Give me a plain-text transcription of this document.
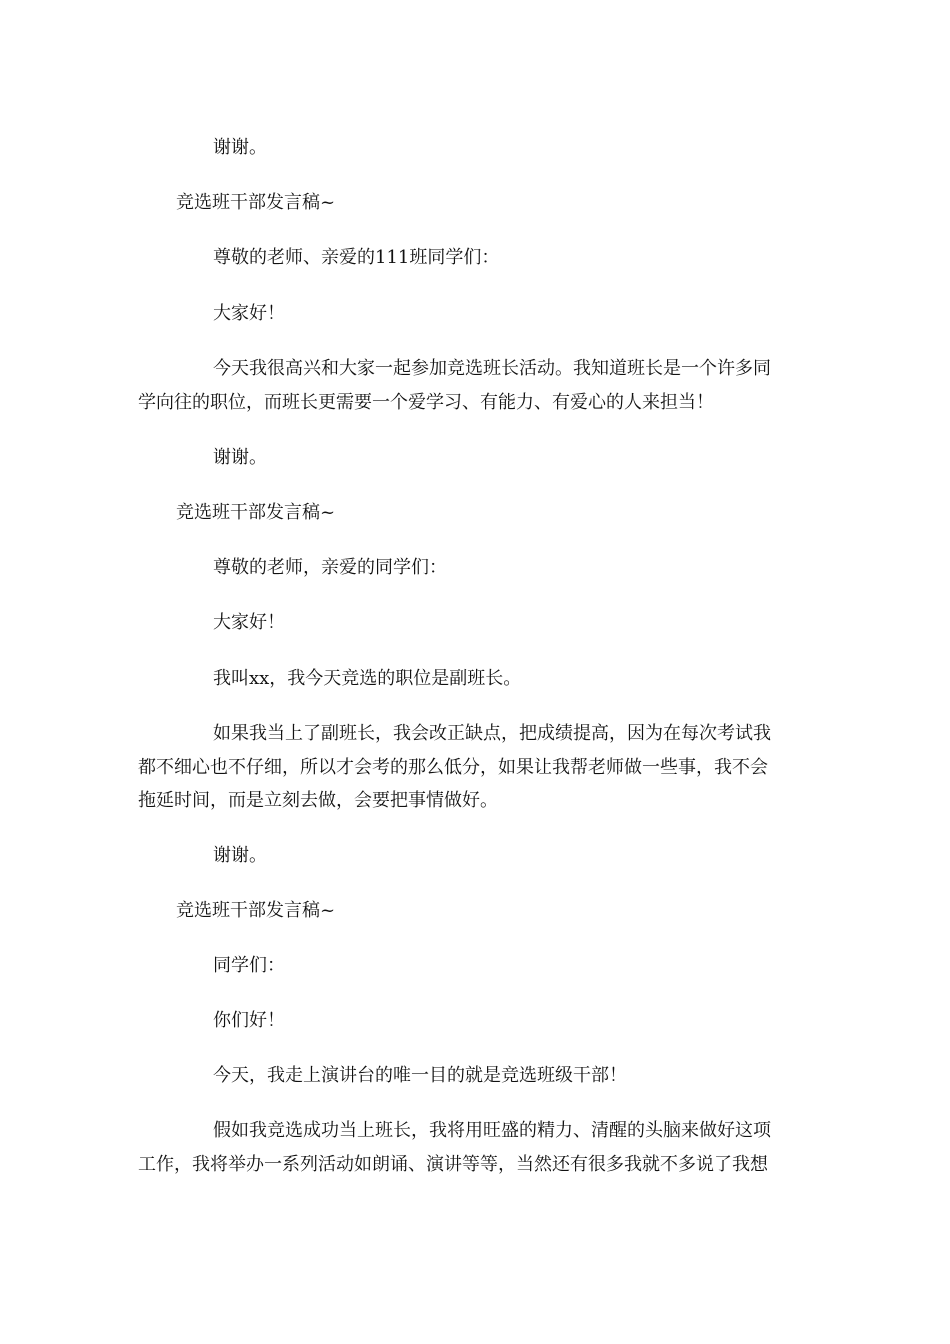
谢谢。

竞选班干部发言稿~

尊敬的老师、亲爱的111班同学们：

大家好！

今天我很高兴和大家一起参加竞选班长活动。我知道班长是一个许多同

学向往的职位，而班长更需要一个爱学习、有能力、有爱心的人来担当！

谢谢。

竞选班干部发言稿~

尊敬的老师，亲爱的同学们：

大家好！

我叫xx，我今天竞选的职位是副班长。

如果我当上了副班长，我会改正缺点，把成绩提高，因为在每次考试我

都不细心也不仔细，所以才会考的那么低分，如果让我帮老师做一些事，我不会

拖延时间，而是立刻去做，会要把事情做好。

谢谢。

竞选班干部发言稿~

同学们：

你们好！

今天，我走上演讲台的唯一目的就是竞选班级干部！

假如我竞选成功当上班长，我将用旺盛的精力、清醒的头脑来做好这项

工作，我将举办一系列活动如朗诵、演讲等等，当然还有很多我就不多说了我想
